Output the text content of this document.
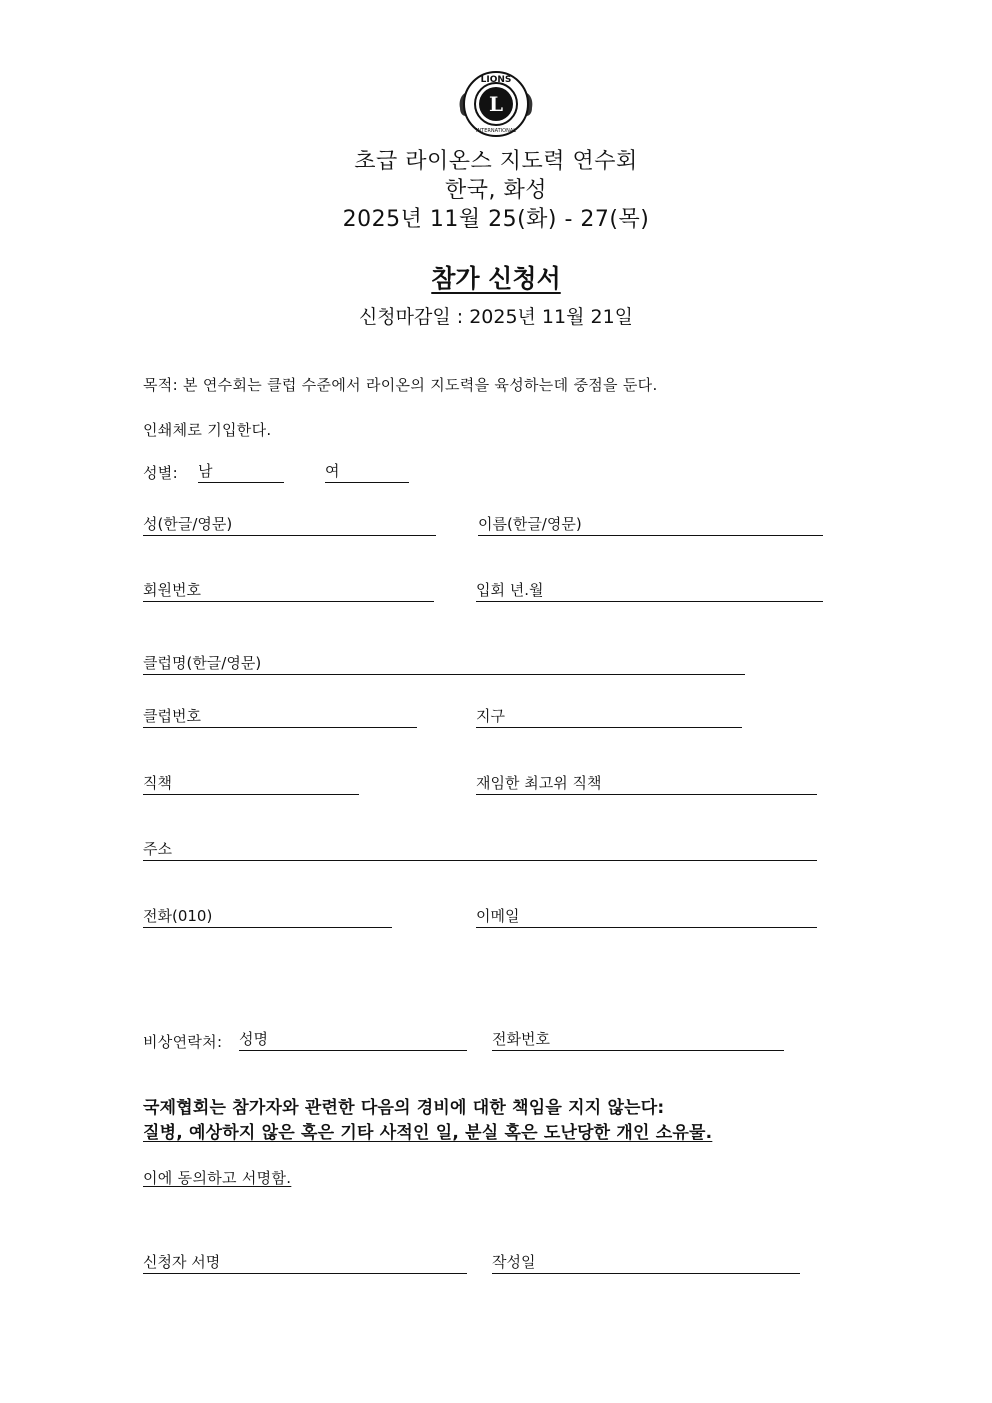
L
LIONS
INTERNATIONAL
초급 라이온스 지도력 연수회
한국, 화성
2025년 11월 25(화) - 27(목)
참가 신청서
신청마감일 : 2025년 11월 21일
목적: 본 연수회는 클럽 수준에서 라이온의 지도력을 육성하는데 중점을 둔다.
인쇄체로 기입한다.
성별: 남	여
성(한글/영문)	이름(한글/영문)
회원번호	입회 년.월
클럽명(한글/영문)
클럽번호	지구
직책	재임한 최고위 직책
주소
전화(010)	이메일
비상연락처: 성명	전화번호
국제협회는 참가자와 관련한 다음의 경비에 대한 책임을 지지 않는다:
질병, 예상하지 않은 혹은 기타 사적인 일, 분실 혹은 도난당한 개인 소유물.
이에 동의하고 서명함.
신청자 서명	작성일
